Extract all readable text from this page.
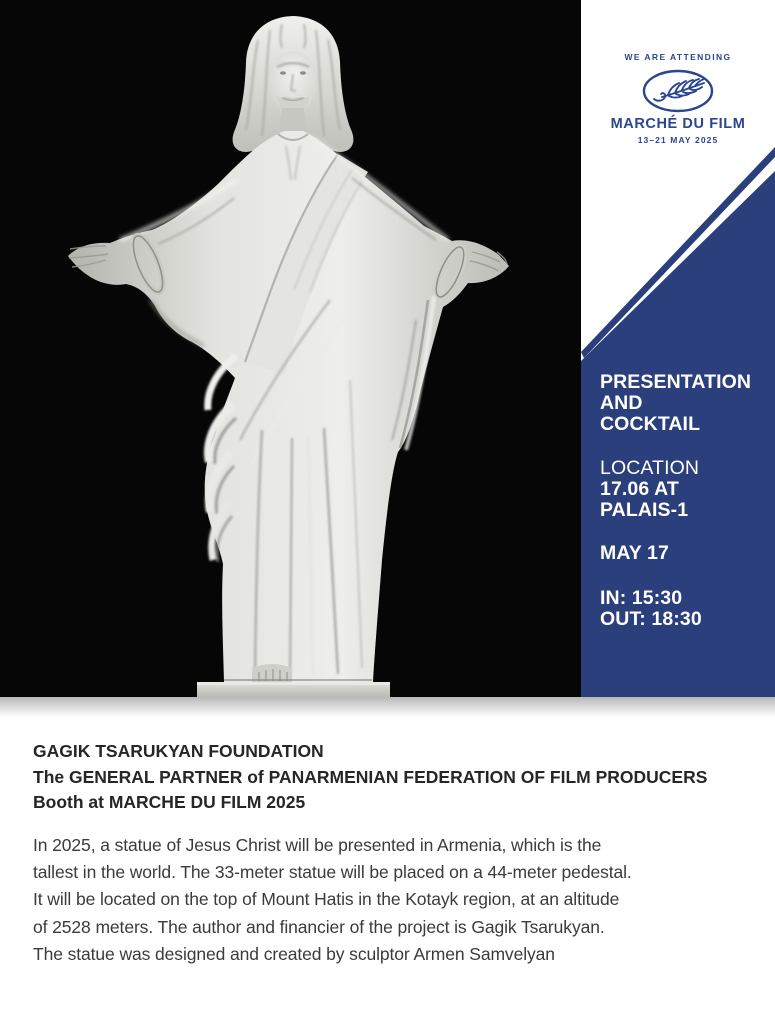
WE ARE ATTENDING
MARCHÉ DU FILM
13–21 MAY 2025
PRESENTATION
AND
COCKTAIL
LOCATION
17.06 AT
PALAIS-1
MAY 17
IN: 15:30
OUT: 18:30
GAGIK TSARUKYAN FOUNDATION
The GENERAL PARTNER of PANARMENIAN FEDERATION OF FILM PRODUCERS
Booth at MARCHE DU FILM 2025
In 2025, a statue of Jesus Christ will be presented in Armenia, which is the
tallest in the world. The 33-meter statue will be placed on a 44-meter pedestal.
It will be located on the top of Mount Hatis in the Kotayk region, at an altitude
of 2528 meters. The author and financier of the project is Gagik Tsarukyan.
The statue was designed and created by sculptor Armen Samvelyan
